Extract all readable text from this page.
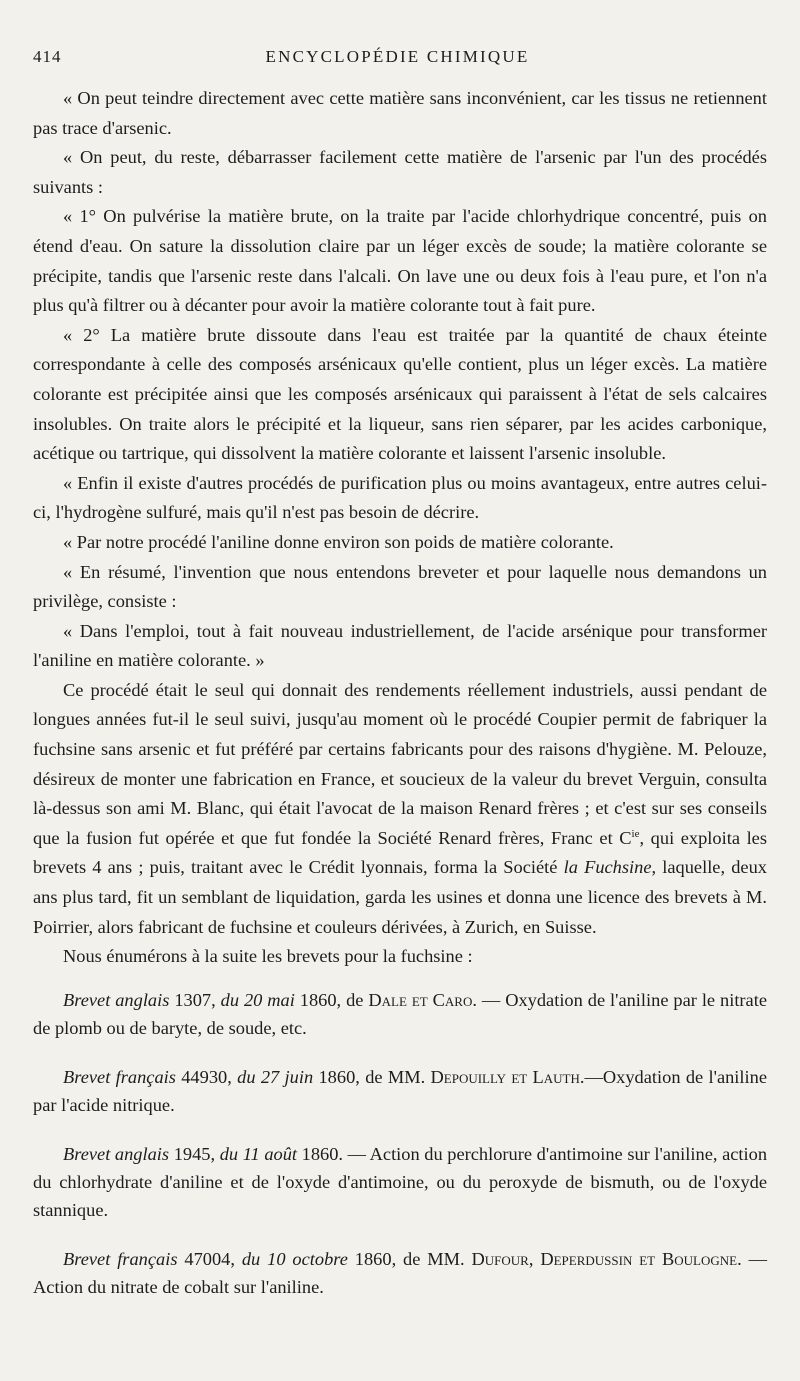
414	ENCYCLOPÉDIE CHIMIQUE

« On peut teindre directement avec cette matière sans inconvénient, car les tissus ne retiennent pas trace d'arsenic.

« On peut, du reste, débarrasser facilement cette matière de l'arsenic par l'un des procédés suivants :

« 1° On pulvérise la matière brute, on la traite par l'acide chlorhydrique concentré, puis on étend d'eau. On sature la dissolution claire par un léger excès de soude; la matière colorante se précipite, tandis que l'arsenic reste dans l'alcali. On lave une ou deux fois à l'eau pure, et l'on n'a plus qu'à filtrer ou à décanter pour avoir la matière colorante tout à fait pure.

« 2° La matière brute dissoute dans l'eau est traitée par la quantité de chaux éteinte correspondante à celle des composés arsénicaux qu'elle contient, plus un léger excès. La matière colorante est précipitée ainsi que les composés arsénicaux qui paraissent à l'état de sels calcaires insolubles. On traite alors le précipité et la liqueur, sans rien séparer, par les acides carbonique, acétique ou tartrique, qui dissolvent la matière colorante et laissent l'arsenic insoluble.

« Enfin il existe d'autres procédés de purification plus ou moins avantageux, entre autres celui-ci, l'hydrogène sulfuré, mais qu'il n'est pas besoin de décrire.

« Par notre procédé l'aniline donne environ son poids de matière colorante.

« En résumé, l'invention que nous entendons breveter et pour laquelle nous demandons un privilège, consiste :

« Dans l'emploi, tout à fait nouveau industriellement, de l'acide arsénique pour transformer l'aniline en matière colorante. »

Ce procédé était le seul qui donnait des rendements réellement industriels, aussi pendant de longues années fut-il le seul suivi, jusqu'au moment où le procédé Coupier permit de fabriquer la fuchsine sans arsenic et fut préféré par certains fabricants pour des raisons d'hygiène. M. Pelouze, désireux de monter une fabrication en France, et soucieux de la valeur du brevet Verguin, consulta là-dessus son ami M. Blanc, qui était l'avocat de la maison Renard frères ; et c'est sur ses conseils que la fusion fut opérée et que fut fondée la Société Renard frères, Franc et $C^{ie}$, qui exploita les brevets 4 ans ; puis, traitant avec le Crédit lyonnais, forma la Société la Fuchsine, laquelle, deux ans plus tard, fit un semblant de liquidation, garda les usines et donna une licence des brevets à M. Poirrier, alors fabricant de fuchsine et couleurs dérivées, à Zurich, en Suisse.

Nous énumérons à la suite les brevets pour la fuchsine :

Brevet anglais 1307, du 20 mai 1860, de Dale et Caro. — Oxydation de l'aniline par le nitrate de plomb ou de baryte, de soude, etc.

Brevet français 44930, du 27 juin 1860, de MM. Depouilly et Lauth.—Oxydation de l'aniline par l'acide nitrique.

Brevet anglais 1945, du 11 août 1860. — Action du perchlorure d'antimoine sur l'aniline, action du chlorhydrate d'aniline et de l'oxyde d'antimoine, ou du peroxyde de bismuth, ou de l'oxyde stannique.

Brevet français 47004, du 10 octobre 1860, de MM. Dufour, Deperdussin et Boulogne. — Action du nitrate de cobalt sur l'aniline.
